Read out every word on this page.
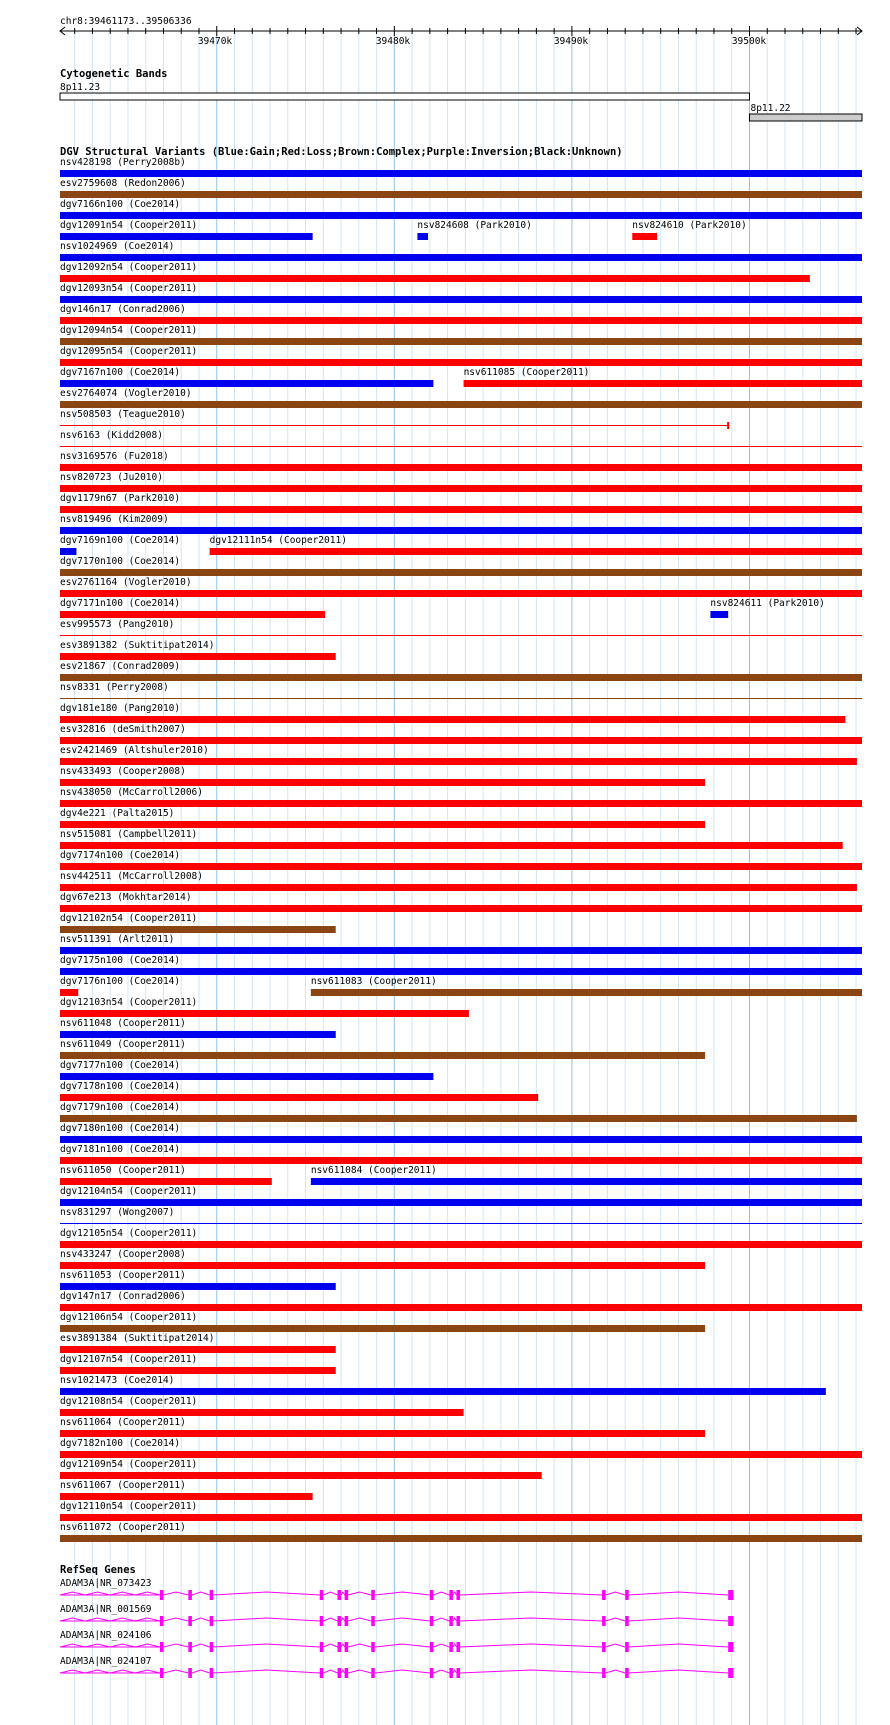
chr8:39461173..39506336
39470k	39480k	39490k	39500k
Cytogenetic Bands
8p11.23
8p11.22
DGV Structural Variants (Blue:Gain;Red:Loss;Brown:Complex;Purple:Inversion;Black:Unknown)
nsv428198 (Perry2008b)
esv2759608 (Redon2006)
dgv7166n100 (Coe2014)
dgv12091n54 (Cooper2011)	nsv824608 (Park2010)	nsv824610 (Park2010)
nsv1024969 (Coe2014)
dgv12092n54 (Cooper2011)
dgv12093n54 (Cooper2011)
dgv146n17 (Conrad2006)
dgv12094n54 (Cooper2011)
dgv12095n54 (Cooper2011)
dgv7167n100 (Coe2014)	nsv611085 (Cooper2011)
esv2764074 (Vogler2010)
nsv508503 (Teague2010)
nsv6163 (Kidd2008)
nsv3169576 (Fu2018)
nsv820723 (Ju2010)
dgv1179n67 (Park2010)
nsv819496 (Kim2009)
dgv7169n100 (Coe2014)	dgv12111n54 (Cooper2011)
dgv7170n100 (Coe2014)
esv2761164 (Vogler2010)
dgv7171n100 (Coe2014)	nsv824611 (Park2010)
esv995573 (Pang2010)
esv3891382 (Suktitipat2014)
esv21867 (Conrad2009)
nsv8331 (Perry2008)
dgv181e180 (Pang2010)
esv32816 (deSmith2007)
esv2421469 (Altshuler2010)
nsv433493 (Cooper2008)
nsv438050 (McCarroll2006)
dgv4e221 (Palta2015)
nsv515081 (Campbell2011)
dgv7174n100 (Coe2014)
nsv442511 (McCarroll2008)
dgv67e213 (Mokhtar2014)
dgv12102n54 (Cooper2011)
nsv511391 (Arlt2011)
dgv7175n100 (Coe2014)
dgv7176n100 (Coe2014)	nsv611083 (Cooper2011)
dgv12103n54 (Cooper2011)
nsv611048 (Cooper2011)
nsv611049 (Cooper2011)
dgv7177n100 (Coe2014)
dgv7178n100 (Coe2014)
dgv7179n100 (Coe2014)
dgv7180n100 (Coe2014)
dgv7181n100 (Coe2014)
nsv611050 (Cooper2011)	nsv611084 (Cooper2011)
dgv12104n54 (Cooper2011)
nsv831297 (Wong2007)
dgv12105n54 (Cooper2011)
nsv433247 (Cooper2008)
nsv611053 (Cooper2011)
dgv147n17 (Conrad2006)
dgv12106n54 (Cooper2011)
esv3891384 (Suktitipat2014)
dgv12107n54 (Cooper2011)
nsv1021473 (Coe2014)
dgv12108n54 (Cooper2011)
nsv611064 (Cooper2011)
dgv7182n100 (Coe2014)
dgv12109n54 (Cooper2011)
nsv611067 (Cooper2011)
dgv12110n54 (Cooper2011)
nsv611072 (Cooper2011)
RefSeq Genes
ADAM3A|NR_073423
ADAM3A|NR_001569
ADAM3A|NR_024106
ADAM3A|NR_024107
